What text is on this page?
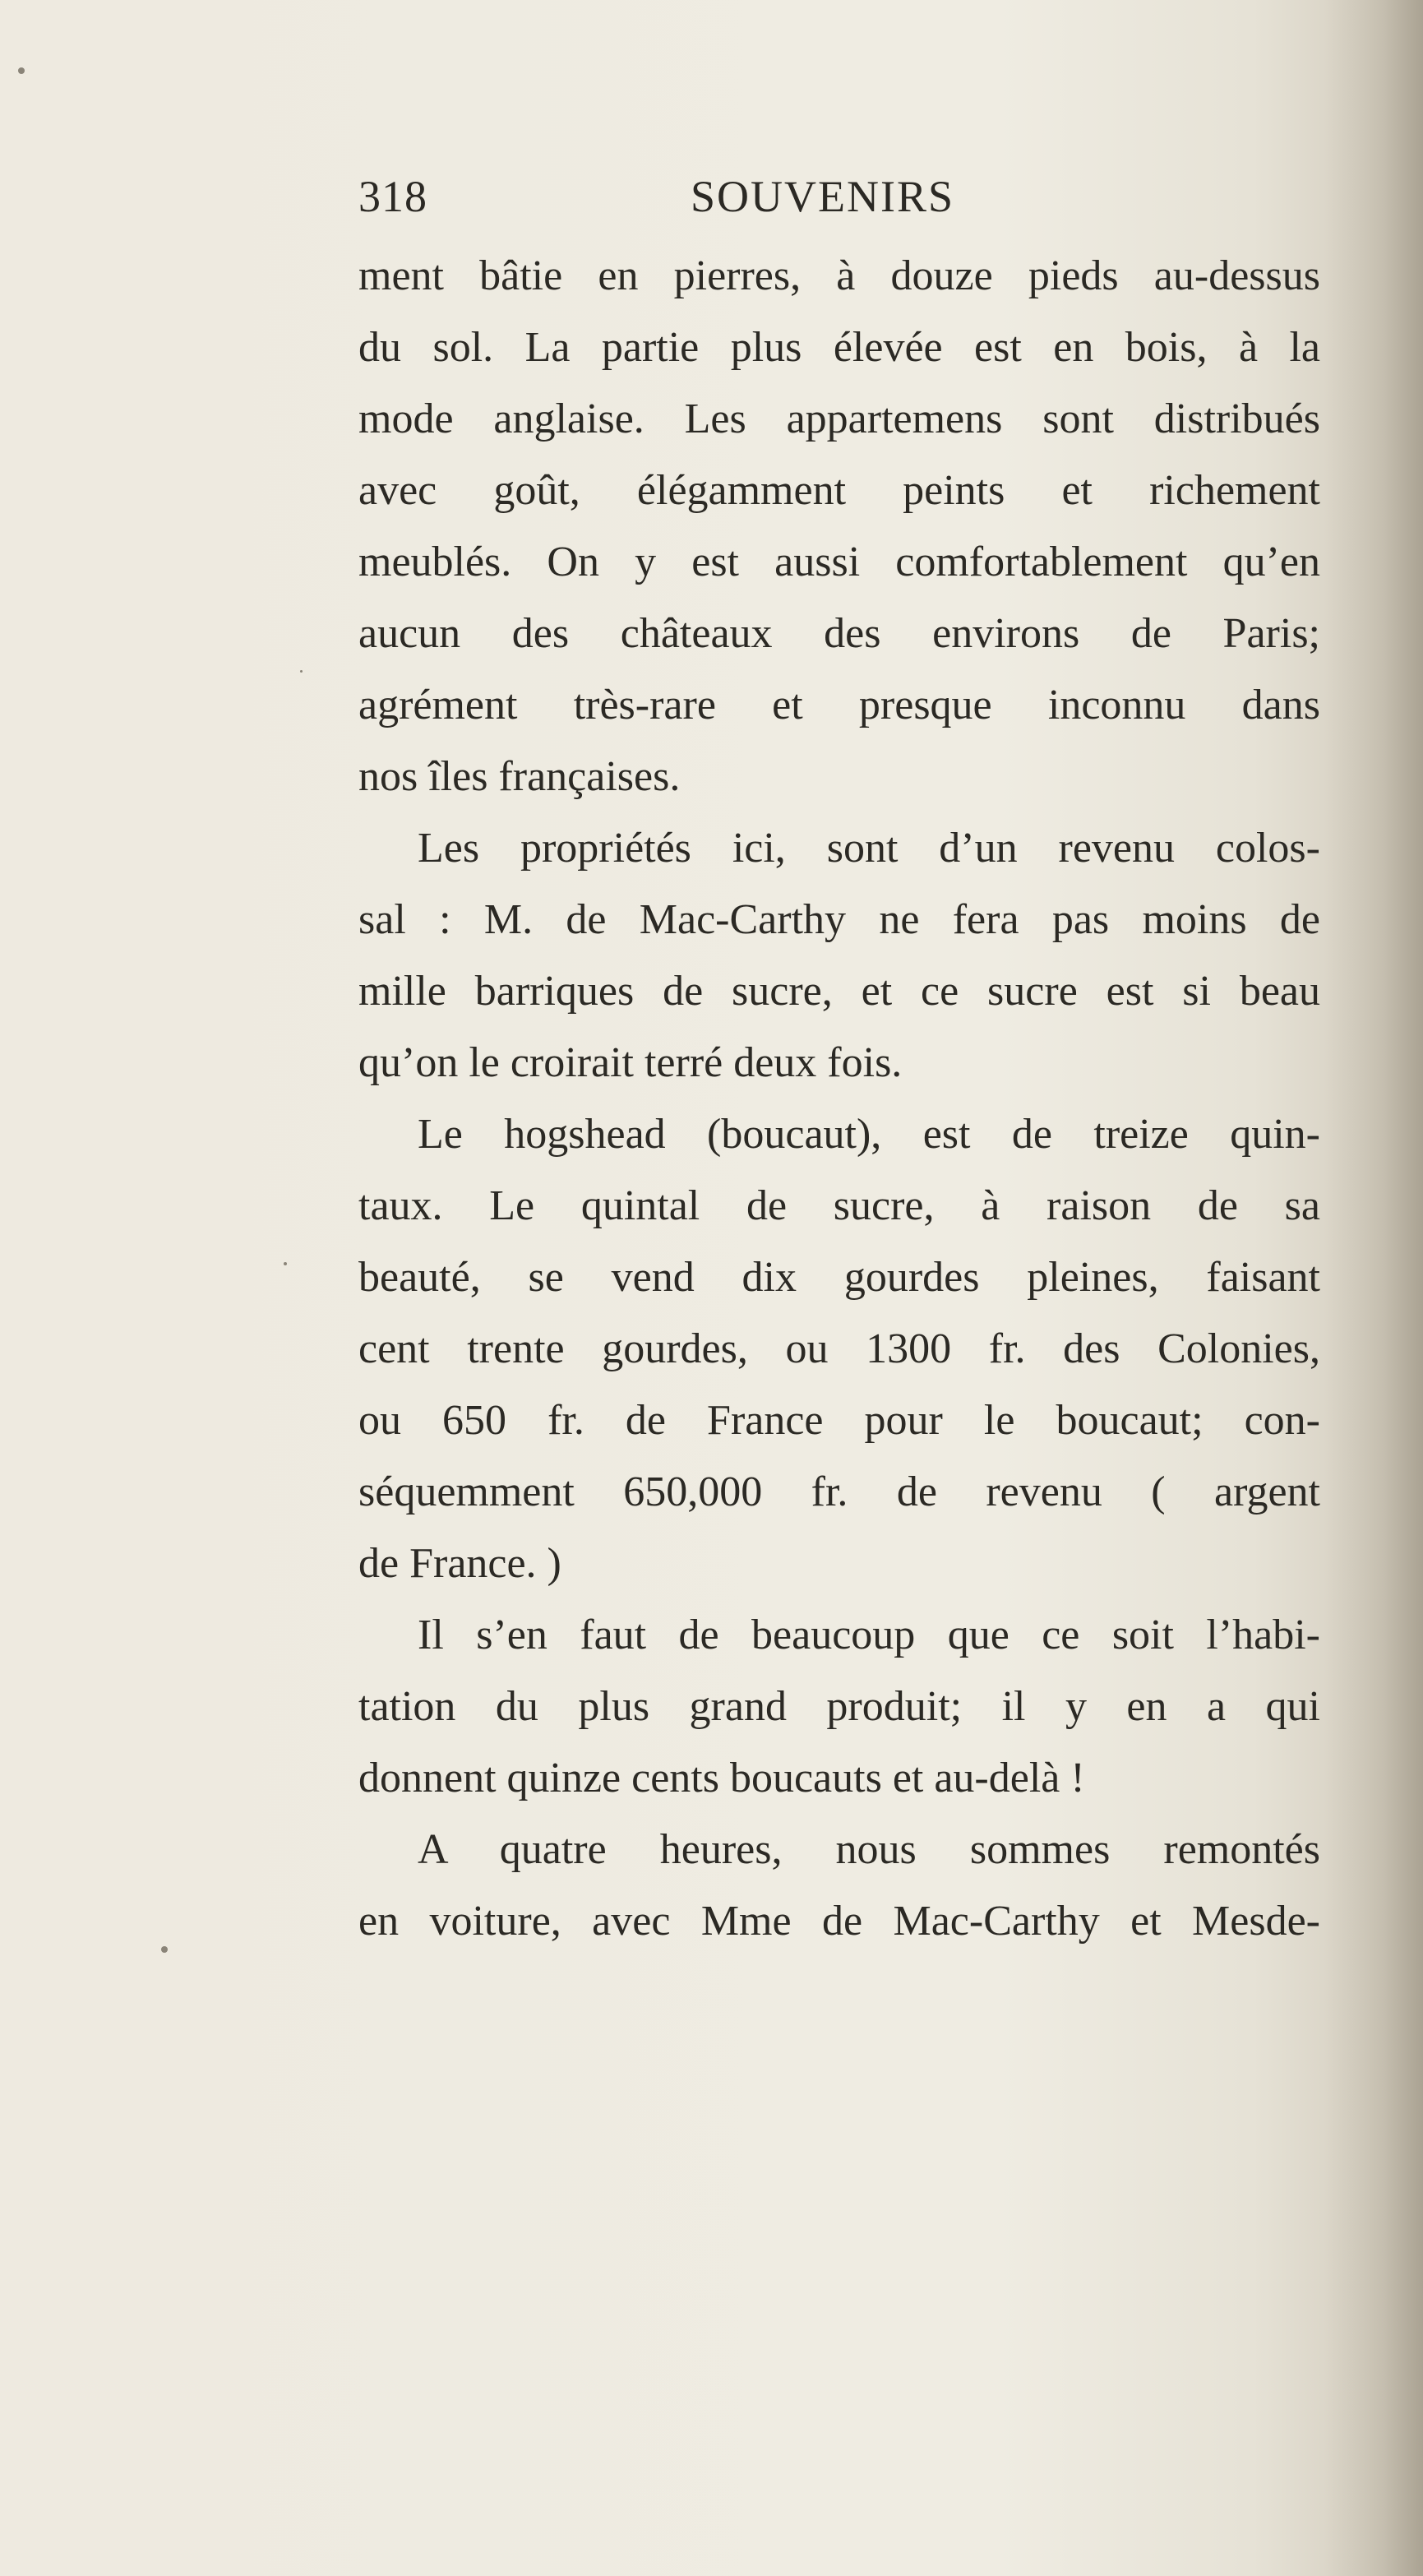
318	SOUVENIRS
ment bâtie en pierres, à douze pieds au-dessus
du sol. La partie plus élevée est en bois, à la
mode anglaise. Les appartemens sont distribués
avec goût, élégamment peints et richement
meublés. On y est aussi comfortablement qu’en
aucun des châteaux des environs de Paris;
agrément très-rare et presque inconnu dans
nos îles françaises.
Les propriétés ici, sont d’un revenu colos-
sal : M. de Mac-Carthy ne fera pas moins de
mille barriques de sucre, et ce sucre est si beau
qu’on le croirait terré deux fois.
Le hogshead (boucaut), est de treize quin-
taux. Le quintal de sucre, à raison de sa
beauté, se vend dix gourdes pleines, faisant
cent trente gourdes, ou 1300 fr. des Colonies,
ou 650 fr. de France pour le boucaut; con-
séquemment 650,000 fr. de revenu ( argent
de France. )
Il s’en faut de beaucoup que ce soit l’habi-
tation du plus grand produit; il y en a qui
donnent quinze cents boucauts et au-delà !
A quatre heures, nous sommes remontés
en voiture, avec Mme de Mac-Carthy et Mesde-
